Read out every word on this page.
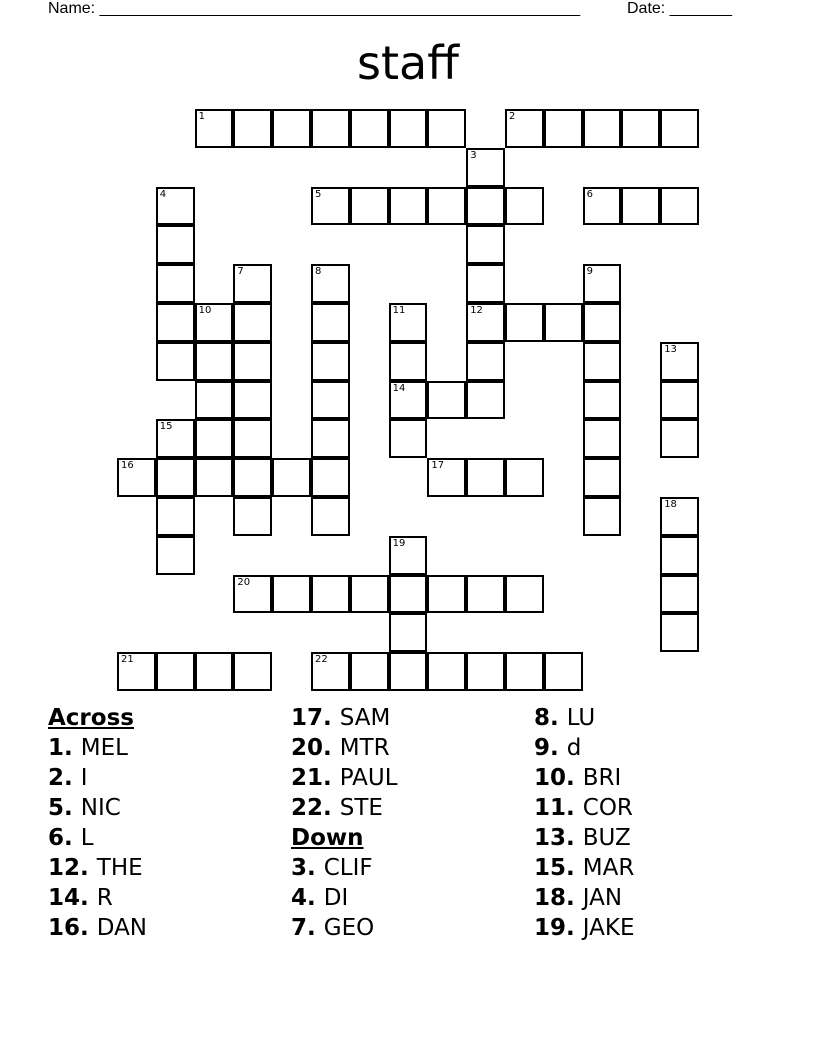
Name: ______________________________________________________	Date: _______
staff
1	2
3
4	5	6
7	8	9
10	11	12
13
14
15
16	17
18
19
20
21	22
Across
1. MEL
2. I
5. NIC
6. L
12. THE
14. R
16. DAN
17. SAM
20. MTR
21. PAUL
22. STE
Down
3. CLIF
4. DI
7. GEO
8. LU
9. d
10. BRI
11. COR
13. BUZ
15. MAR
18. JAN
19. JAKE
